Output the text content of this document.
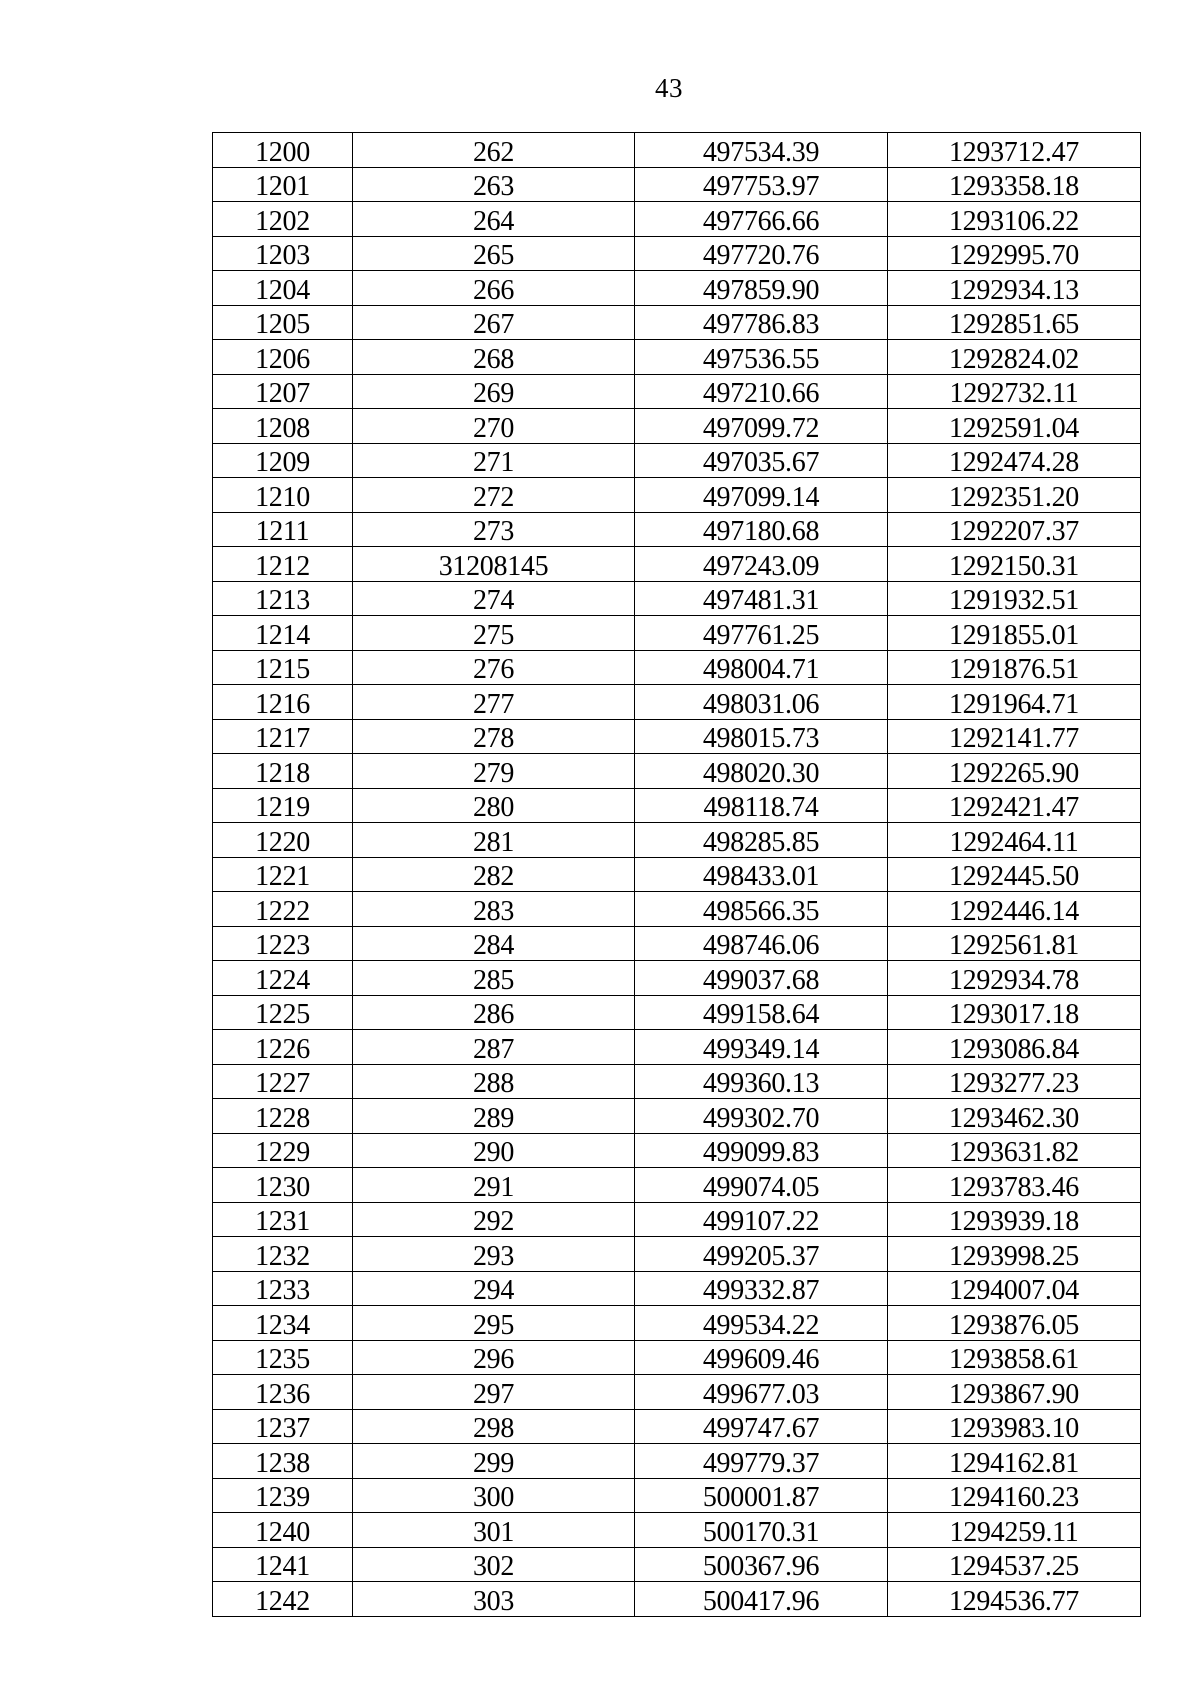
43
1200	262	497534.39	1293712.47
1201	263	497753.97	1293358.18
1202	264	497766.66	1293106.22
1203	265	497720.76	1292995.70
1204	266	497859.90	1292934.13
1205	267	497786.83	1292851.65
1206	268	497536.55	1292824.02
1207	269	497210.66	1292732.11
1208	270	497099.72	1292591.04
1209	271	497035.67	1292474.28
1210	272	497099.14	1292351.20
1211	273	497180.68	1292207.37
1212	31208145	497243.09	1292150.31
1213	274	497481.31	1291932.51
1214	275	497761.25	1291855.01
1215	276	498004.71	1291876.51
1216	277	498031.06	1291964.71
1217	278	498015.73	1292141.77
1218	279	498020.30	1292265.90
1219	280	498118.74	1292421.47
1220	281	498285.85	1292464.11
1221	282	498433.01	1292445.50
1222	283	498566.35	1292446.14
1223	284	498746.06	1292561.81
1224	285	499037.68	1292934.78
1225	286	499158.64	1293017.18
1226	287	499349.14	1293086.84
1227	288	499360.13	1293277.23
1228	289	499302.70	1293462.30
1229	290	499099.83	1293631.82
1230	291	499074.05	1293783.46
1231	292	499107.22	1293939.18
1232	293	499205.37	1293998.25
1233	294	499332.87	1294007.04
1234	295	499534.22	1293876.05
1235	296	499609.46	1293858.61
1236	297	499677.03	1293867.90
1237	298	499747.67	1293983.10
1238	299	499779.37	1294162.81
1239	300	500001.87	1294160.23
1240	301	500170.31	1294259.11
1241	302	500367.96	1294537.25
1242	303	500417.96	1294536.77
